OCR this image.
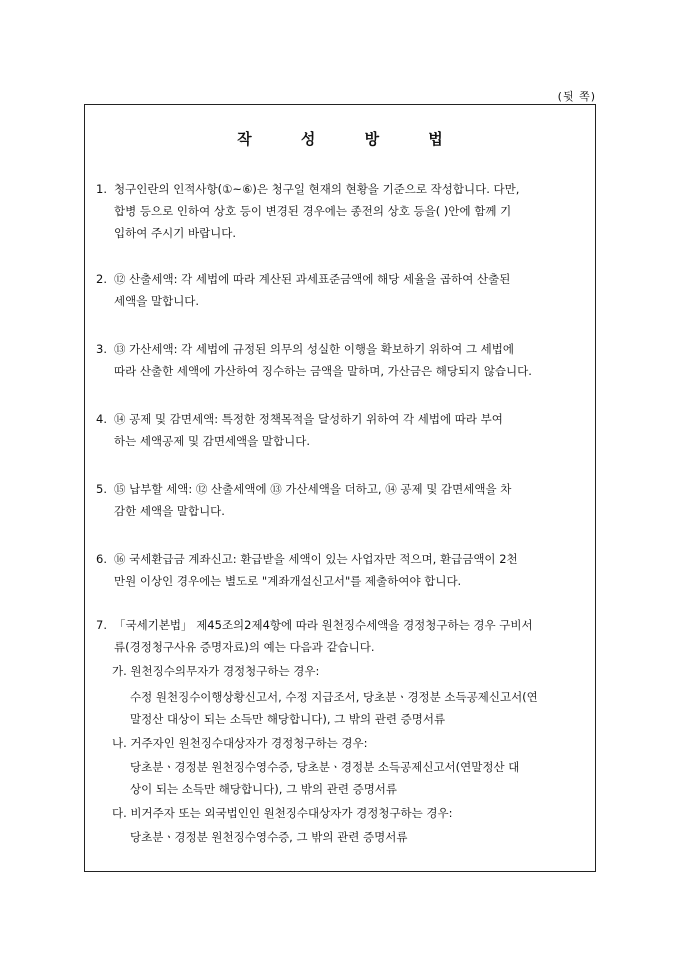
(뒷 쪽)
작 성 방 법
1. 청구인란의 인적사항(①~⑥)은 청구일 현재의 현황을 기준으로 작성합니다. 다만,
합병 등으로 인하여 상호 등이 변경된 경우에는 종전의 상호 등을( )안에 함께 기
입하여 주시기 바랍니다.
2. ⑫ 산출세액: 각 세법에 따라 계산된 과세표준금액에 해당 세율을 곱하여 산출된
세액을 말합니다.
3. ⑬ 가산세액: 각 세법에 규정된 의무의 성실한 이행을 확보하기 위하여 그 세법에
따라 산출한 세액에 가산하여 징수하는 금액을 말하며, 가산금은 해당되지 않습니다.
4. ⑭ 공제 및 감면세액: 특정한 정책목적을 달성하기 위하여 각 세법에 따라 부여
하는 세액공제 및 감면세액을 말합니다.
5. ⑮ 납부할 세액: ⑫ 산출세액에 ⑬ 가산세액을 더하고, ⑭ 공제 및 감면세액을 차
감한 세액을 말합니다.
6. ⑯ 국세환급금 계좌신고: 환급받을 세액이 있는 사업자만 적으며, 환급금액이 2천
만원 이상인 경우에는 별도로 "계좌개설신고서"를 제출하여야 합니다.
7. 「국세기본법」 제45조의2제4항에 따라 원천징수세액을 경정청구하는 경우 구비서
류(경정청구사유 증명자료)의 예는 다음과 같습니다.
가. 원천징수의무자가 경정청구하는 경우:
수정 원천징수이행상황신고서, 수정 지급조서, 당초분ㆍ경정분 소득공제신고서(연
말정산 대상이 되는 소득만 해당합니다), 그 밖의 관련 증명서류
나. 거주자인 원천징수대상자가 경정청구하는 경우:
당초분ㆍ경정분 원천징수영수증, 당초분ㆍ경정분 소득공제신고서(연말정산 대
상이 되는 소득만 해당합니다), 그 밖의 관련 증명서류
다. 비거주자 또는 외국법인인 원천징수대상자가 경정청구하는 경우:
당초분ㆍ경정분 원천징수영수증, 그 밖의 관련 증명서류
